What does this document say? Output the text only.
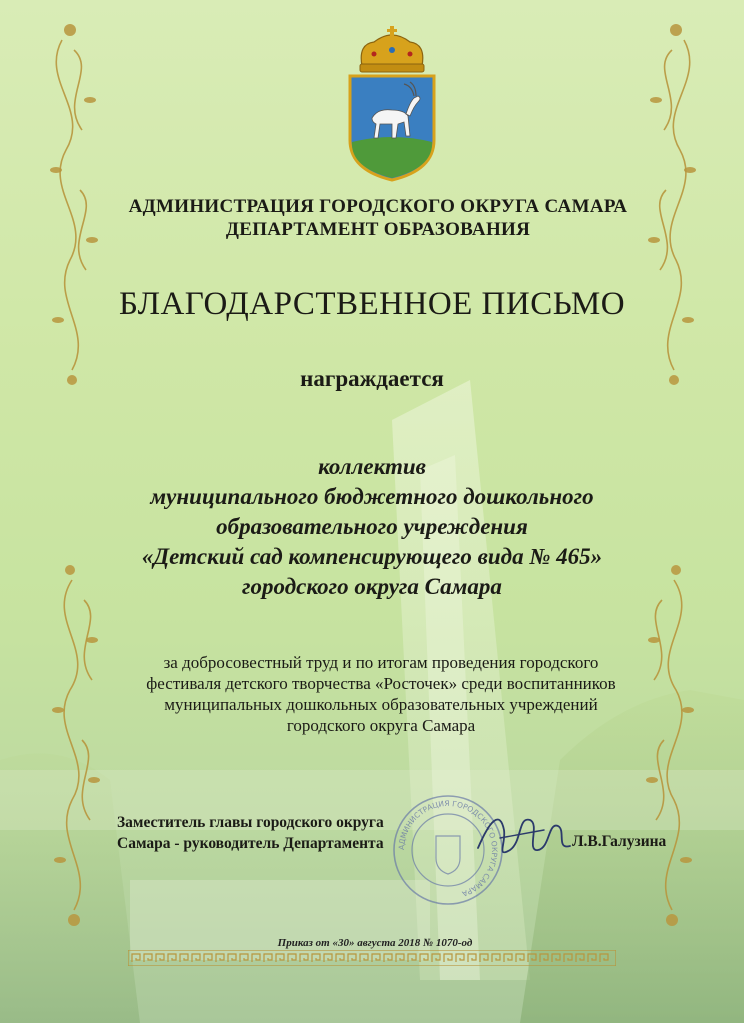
АДМИНИСТРАЦИЯ ГОРОДСКОГО ОКРУГА САМАРА
ДЕПАРТАМЕНТ ОБРАЗОВАНИЯ
БЛАГОДАРСТВЕННОЕ ПИСЬМО
награждается
коллектив
муниципального бюджетного дошкольного
образовательного учреждения
«Детский сад компенсирующего вида № 465»
городского округа Самара
за добросовестный труд и по итогам проведения городского
фестиваля детского творчества «Росточек» среди воспитанников
муниципальных дошкольных образовательных учреждений
городского округа Самара
АДМИНИСТРАЦИЯ ГОРОДСКОГО ОКРУГА САМАРА
Заместитель главы городского округа
Самара - руководитель Департамента	Л.В.Галузина
Приказ от «30» августа 2018 № 1070-од
